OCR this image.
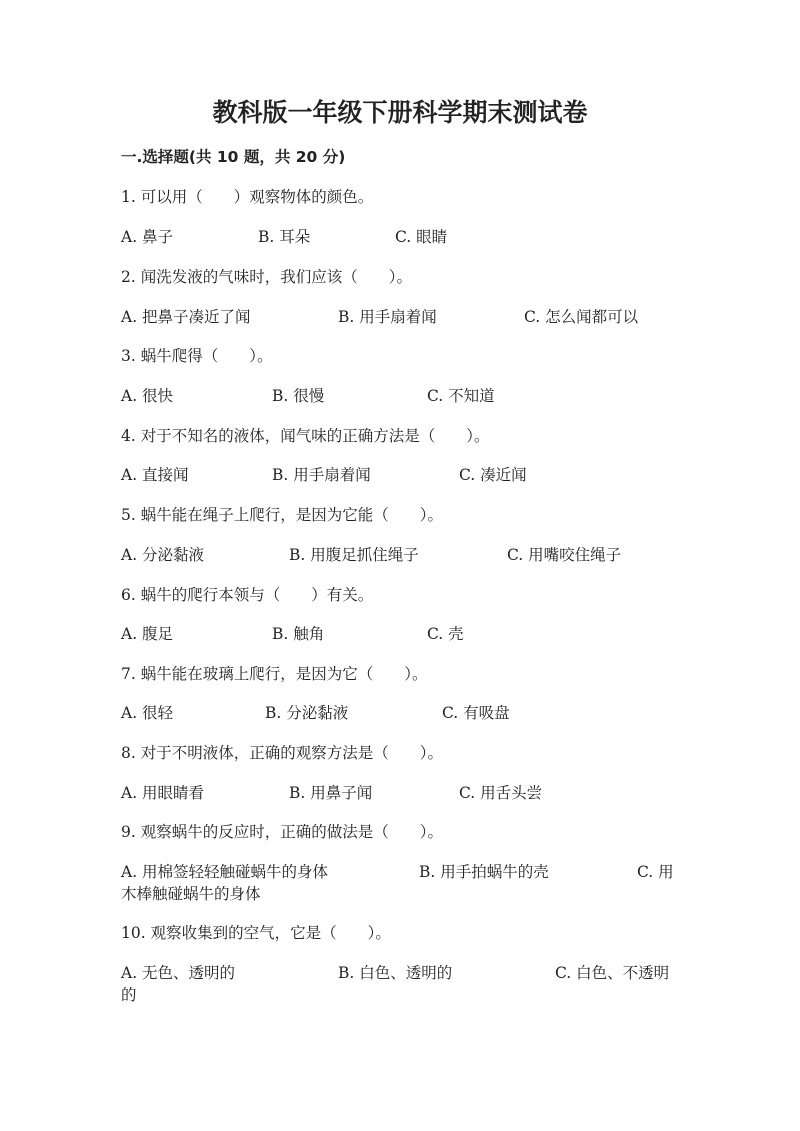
教科版一年级下册科学期末测试卷
一.选择题(共 10 题，共 20 分)
1. 可以用（　　）观察物体的颜色。
A. 鼻子	B. 耳朵	C. 眼睛
2. 闻洗发液的气味时，我们应该（　　）。
A. 把鼻子凑近了闻	B. 用手扇着闻	C. 怎么闻都可以
3. 蜗牛爬得（　　）。
A. 很快	B. 很慢	C. 不知道
4. 对于不知名的液体，闻气味的正确方法是（　　）。
A. 直接闻	B. 用手扇着闻	C. 凑近闻
5. 蜗牛能在绳子上爬行，是因为它能（　　）。
A. 分泌黏液	B. 用腹足抓住绳子	C. 用嘴咬住绳子
6. 蜗牛的爬行本领与（　　）有关。
A. 腹足	B. 触角	C. 壳
7. 蜗牛能在玻璃上爬行，是因为它（　　）。
A. 很轻	B. 分泌黏液	C. 有吸盘
8. 对于不明液体，正确的观察方法是（　　）。
A. 用眼睛看	B. 用鼻子闻	C. 用舌头尝
9. 观察蜗牛的反应时，正确的做法是（　　）。
A. 用棉签轻轻触碰蜗牛的身体	B. 用手拍蜗牛的壳	C. 用
木棒触碰蜗牛的身体
10. 观察收集到的空气，它是（　　）。
A. 无色、透明的	B. 白色、透明的	C. 白色、不透明
的
